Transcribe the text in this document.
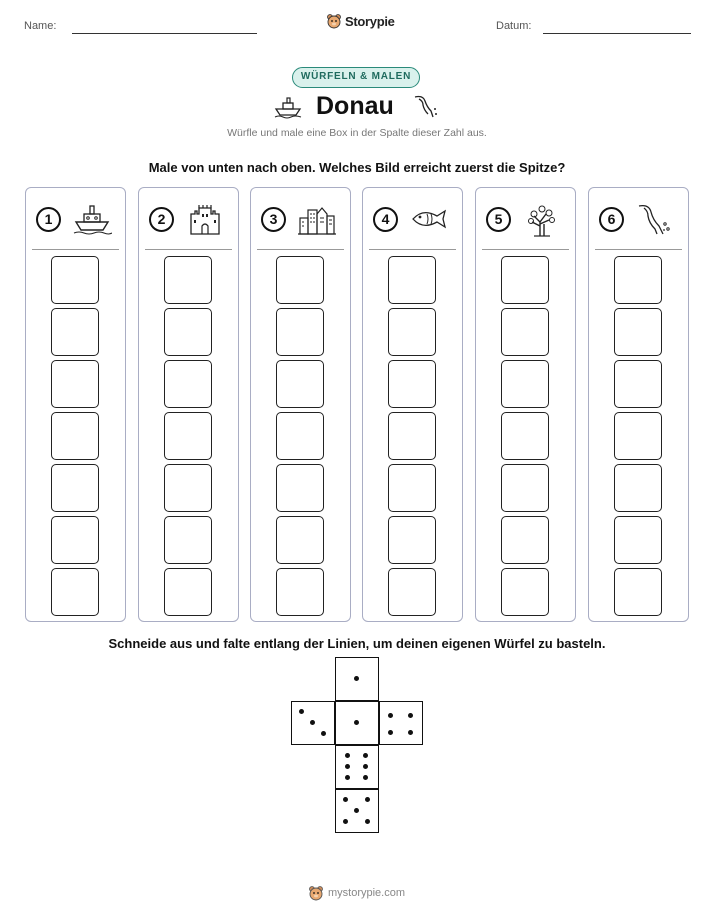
Name:	Storypie	Datum:
WÜRFELN & MALEN
Donau
Würfle und male eine Box in der Spalte dieser Zahl aus.
Male von unten nach oben. Welches Bild erreicht zuerst die Spitze?
1	2	3	4	5	6
Schneide aus und falte entlang der Linien, um deinen eigenen Würfel zu basteln.
mystorypie.com
